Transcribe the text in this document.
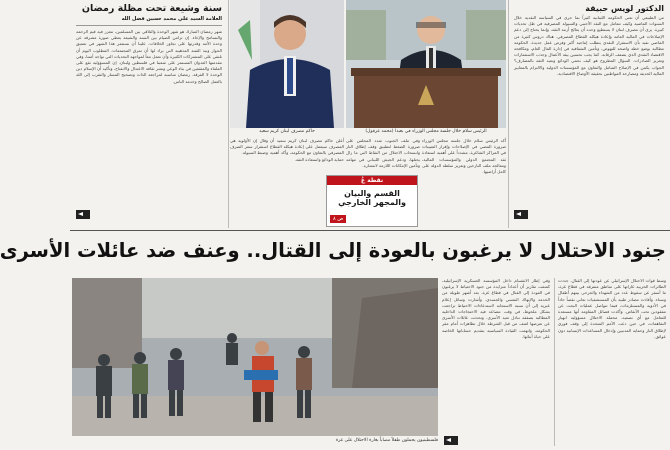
الدكتور لويس حبيقة
من الطبيعي أن تعنى الحكومة اللبنانية كثيراً بما جرى في السياسة النقدية خلال السنوات الماضية وكيف تتعامل مع النقد الأجنبي والسيولة المصرفية في ظل تحديات كبيرة. يرى أن مصرف لبنان لا يستطيع وحده أن يعالج أزمة الثقة، وإنما يحتاج إلى دعم الإصلاحات في المالية العامة وإعادة هيكلة القطاع المصرفي. هناك دروس كثيرة من الماضي تفيد بأن الاستقرار النقدي يتطلب إنتاجية أكبر وفرص عمل جديدة. الحكومة مطالبة بوضع خطة واضحة للنهوض، وتأمين الشفافية في إدارة المال العام، ومكافحة الاقتصاد النقدي الذي يضعف الرقابة. كما يجب تحسين بيئة الأعمال وجذب الاستثمارات وتعزيز الصادرات. السؤال المطروح هو كيف نحمي الودائع ونعيد الثقة بالمصارف؟ الجواب يكمن في الإصلاح الشامل والتعاون مع المؤسسات الدولية والالتزام بالمعايير المالية الحديثة ومصارحة المواطنين بحقيقة الأوضاع الاقتصادية.
سنة وشيعة تحت مظلة رمضان
العلامة السيد علي محمد حسين فضل الله
شهر رمضان المبارك هو شهر الوحدة والتلاقي بين المسلمين، تتعزز فيه قيم الرحمة والتسامح والإخاء. إن تزامن الصيام بين السنة والشيعة يعطي صورة مشرقة عن وحدة الأمة وقدرتها على تجاوز الخلافات. علينا أن نستثمر هذا الشهر في تعميق الحوار ونبذ الفتنة المذهبية التي يراد لها أن تمزق المجتمعات. المطلوب اليوم أن نلتقي على المشتركات الكثيرة وأن نعمل معاً لمواجهة التحديات التي تواجه أمتنا، وفي مقدمتها العدوان المستمر على شعبنا في فلسطين ولبنان. إن المسؤولية تقع على العلماء والمثقفين في بناء الوعي ونشر ثقافة الاعتدال والانفتاح، وتأكيد أن الإسلام دين الوحدة لا الفرقة. رمضان مناسبة لمراجعة الذات وتصحيح المسار والتقرب إلى الله بالعمل الصالح وخدمة الناس.
الرئيس سلام خلال جلسة مجلس الوزراء في بعبدا (محمد عزقول)
حاكم مصرف لبنان كريم سعيد
أكد الرئيس سلام خلال جلسة مجلس الوزراء ضرورة المضي في الإصلاحات وإقرار التعيينات في المراكز الشاغرة، مشدداً على أهمية استعادة ثقة المجتمع الدولي والمؤسسات المالية، ومعالجة ملف النازحين وتعزيز سلطة الدولة على كامل أراضيها.
وفي ملف الجنوب شدد المجلس على ضرورة الضغط لتطبيق وقف إطلاق النار وانسحاب الاحتلال من النقاط التي ما زال يحتلها، ودعم الجيش اللبناني في مهامه وتأمين الإمكانات اللازمة لانتشاره.
أعلن حاكم مصرف لبنان كريم سعيد أن المصرف سيعمل على إعادة هيكلة القطاع المصرفي بالتعاون مع الحكومة، وأكد أهمية حماية الودائع واستعادة الثقة.
وقال إن الأولوية هي استقرار سعر الصرف وضبط السيولة.
نقطة عُ
القسم والبيان
والمجهر الخارجي
ص ٨
جنود الاحتلال لا يرغبون بالعودة إلى القتال.. وعنف ضد عائلات الأسرى
فلسطينيون يحملون طفلاً مصاباً بغارة الاحتلال على غزة
وفي إطار الانقسام داخل المؤسسة العسكرية الإسرائيلية، كشفت تقارير أن أعداداً متزايدة من جنود الاحتياط لا يرغبون في العودة إلى القتال في قطاع غزة، بعد أشهر طويلة من الخدمة والإنهاك النفسي والجسدي. وأشارت وسائل إعلام عبرية إلى أن نسبة الاستجابة لاستدعاءات الاحتياط تراجعت بشكل ملحوظ، في وقت تتصاعد فيه الاحتجاجات الداخلية المطالبة بصفقة تبادل تعيد الأسرى. وتحدثت عائلات الأسرى عن تعرضها لعنف من قبل الشرطة خلال تظاهرات أمام مقر الحكومة، واتهمت القيادة السياسية بتقديم حساباتها الخاصة على حياة أبنائها.
وسط قوات الاحتلال الإسرائيلي عن عودتها إلى القتال، جددت الطائرات الحربية غاراتها على مناطق متفرقة في قطاع غزة، ما أسفر عن سقوط عدد من الشهداء والجرحى بينهم أطفال ونساء. وأفادت مصادر طبية بأن المستشفيات تعاني نقصاً حاداً في الأدوية والمستلزمات، فيما تتواصل عمليات البحث عن مفقودين تحت الأنقاض. وأكدت فصائل المقاومة أنها مستعدة للتعامل مع أي تصعيد، محملة الاحتلال مسؤولية انهيار التفاهمات، في حين دعت الأمم المتحدة إلى وقف فوري لإطلاق النار وحماية المدنيين وإدخال المساعدات الإنسانية دون عوائق.
